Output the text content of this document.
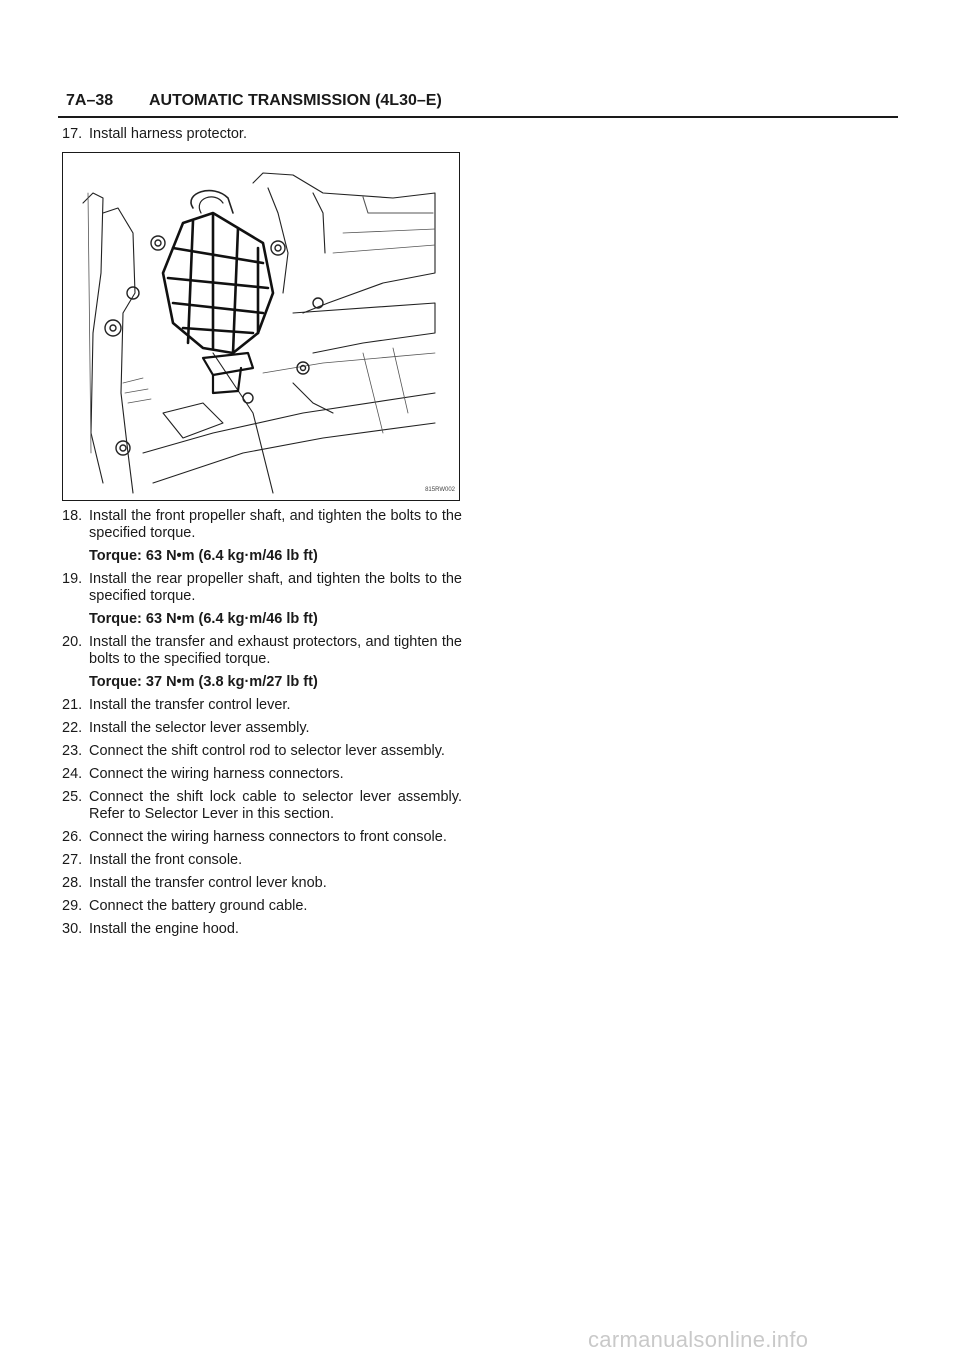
7A–38 AUTOMATIC TRANSMISSION (4L30–E)

17. Install harness protector.

815RW002

18. Install the front propeller shaft, and tighten the bolts to the specified torque.

Torque: 63 N•m (6.4 kg·m/46 lb ft)

19. Install the rear propeller shaft, and tighten the bolts to the specified torque.

Torque: 63 N•m (6.4 kg·m/46 lb ft)

20. Install the transfer and exhaust protectors, and tighten the bolts to the specified torque.

Torque: 37 N•m (3.8 kg·m/27 lb ft)

21. Install the transfer control lever.

22. Install the selector lever assembly.

23. Connect the shift control rod to selector lever assembly.

24. Connect the wiring harness connectors.

25. Connect the shift lock cable to selector lever assembly. Refer to Selector Lever in this section.

26. Connect the wiring harness connectors to front console.

27. Install the front console.

28. Install the transfer control lever knob.

29. Connect the battery ground cable.

30. Install the engine hood.

carmanualsonline.info
